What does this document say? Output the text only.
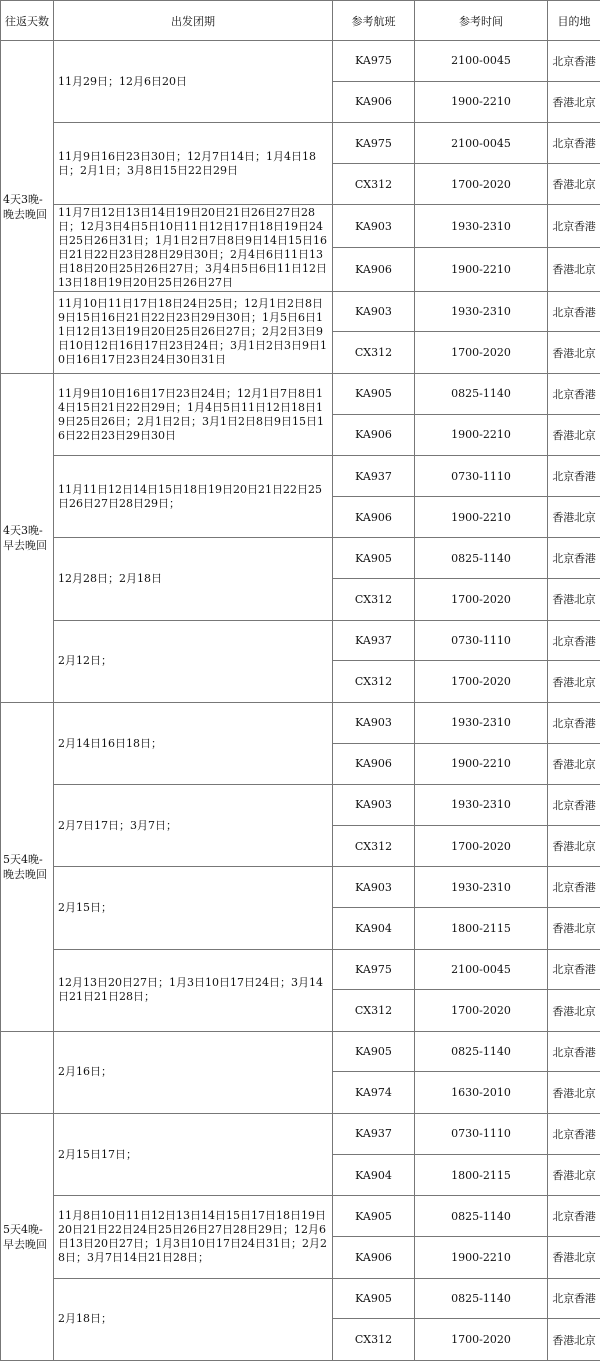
往返天数	出发团期	参考航班	参考时间	目的地
4天3晚-晚去晚回	11月29日；12月6日20日	KA975	2100-0045	北京香港
		KA906	1900-2210	香港北京
	11月9日16日23日30日；12月7日14日；1月4日18日；2月1日；3月8日15日22日29日	KA975	2100-0045	北京香港
		CX312	1700-2020	香港北京
	11月7日12日13日14日19日20日21日26日27日28日；12月3日4日5日10日11日12日17日18日19日24日25日26日31日；1月1日2日7日8日9日14日15日16日21日22日23日28日29日30日；2月4日6日11日13日18日20日25日26日27日；3月4日5日6日11日12日13日18日19日20日25日26日27日	KA903	1930-2310	北京香港
		KA906	1900-2210	香港北京
	11月10日11日17日18日24日25日；12月1日2日8日9日15日16日21日22日23日29日30日；1月5日6日11日12日13日19日20日25日26日27日；2月2日3日9日10日12日16日17日23日24日；3月1日2日3日9日10日16日17日23日24日30日31日	KA903	1930-2310	北京香港
		CX312	1700-2020	香港北京
4天3晚-早去晚回	11月9日10日16日17日23日24日；12月1日7日8日14日15日21日22日29日；1月4日5日11日12日18日19日25日26日；2月1日2日；3月1日2日8日9日15日16日22日23日29日30日	KA905	0825-1140	北京香港
		KA906	1900-2210	香港北京
	11月11日12日14日15日18日19日20日21日22日25日26日27日28日29日；	KA937	0730-1110	北京香港
		KA906	1900-2210	香港北京
	12月28日；2月18日	KA905	0825-1140	北京香港
		CX312	1700-2020	香港北京
	2月12日；	KA937	0730-1110	北京香港
		CX312	1700-2020	香港北京
5天4晚-晚去晚回	2月14日16日18日；	KA903	1930-2310	北京香港
		KA906	1900-2210	香港北京
	2月7日17日；3月7日；	KA903	1930-2310	北京香港
		CX312	1700-2020	香港北京
	2月15日；	KA903	1930-2310	北京香港
		KA904	1800-2115	香港北京
	12月13日20日27日；1月3日10日17日24日；3月14日21日21日28日；	KA975	2100-0045	北京香港
		CX312	1700-2020	香港北京
	2月16日；	KA905	0825-1140	北京香港
		KA974	1630-2010	香港北京
5天4晚-早去晚回	2月15日17日；	KA937	0730-1110	北京香港
		KA904	1800-2115	香港北京
	11月8日10日11日12日13日14日15日17日18日19日20日21日22日24日25日26日27日28日29日；12月6日13日20日27日；1月3日10日17日24日31日；2月28日；3月7日14日21日28日；	KA905	0825-1140	北京香港
		KA906	1900-2210	香港北京
	2月18日；	KA905	0825-1140	北京香港
		CX312	1700-2020	香港北京
